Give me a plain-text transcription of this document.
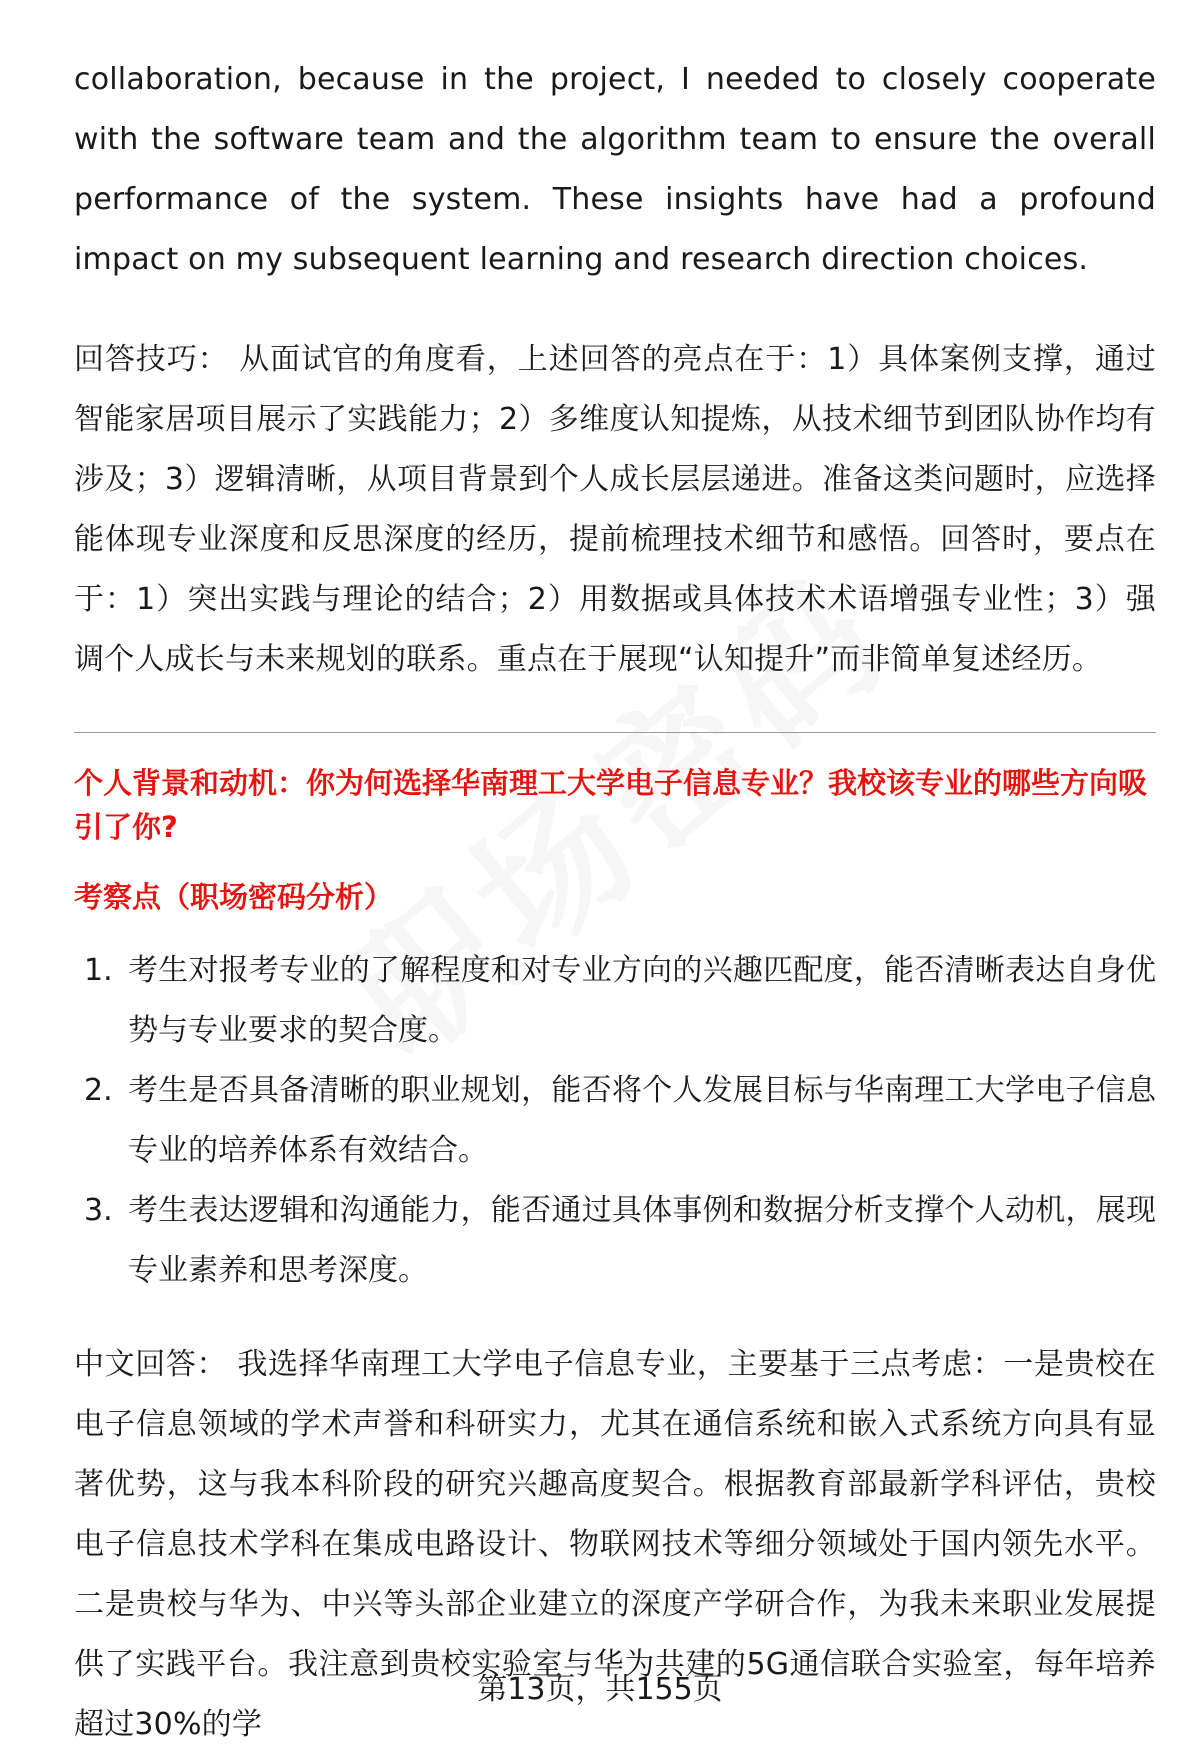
collaboration, because in the project, I needed to closely cooperate with the software team and the algorithm team to ensure the overall performance of the system. These insights have had a profound impact on my subsequent learning and research direction choices.

回答技巧： 从面试官的角度看，上述回答的亮点在于：1）具体案例支撑，通过智能家居项目展示了实践能力；2）多维度认知提炼，从技术细节到团队协作均有涉及；3）逻辑清晰，从项目背景到个人成长层层递进。准备这类问题时，应选择能体现专业深度和反思深度的经历，提前梳理技术细节和感悟。回答时，要点在于：1）突出实践与理论的结合；2）用数据或具体技术术语增强专业性；3）强调个人成长与未来规划的联系。重点在于展现“认知提升”而非简单复述经历。

个人背景和动机：你为何选择华南理工大学电子信息专业？我校该专业的哪些方向吸引了你?
考察点（职场密码分析）
1. 考生对报考专业的了解程度和对专业方向的兴趣匹配度，能否清晰表达自身优势与专业要求的契合度。
2. 考生是否具备清晰的职业规划，能否将个人发展目标与华南理工大学电子信息专业的培养体系有效结合。
3. 考生表达逻辑和沟通能力，能否通过具体事例和数据分析支撑个人动机，展现专业素养和思考深度。

中文回答： 我选择华南理工大学电子信息专业，主要基于三点考虑：一是贵校在电子信息领域的学术声誉和科研实力，尤其在通信系统和嵌入式系统方向具有显著优势，这与我本科阶段的研究兴趣高度契合。根据教育部最新学科评估，贵校电子信息技术学科在集成电路设计、物联网技术等细分领域处于国内领先水平。二是贵校与华为、中兴等头部企业建立的深度产学研合作，为我未来职业发展提供了实践平台。我注意到贵校实验室与华为共建的5G通信联合实验室，每年培养超过30%的学

第13页，共155页
